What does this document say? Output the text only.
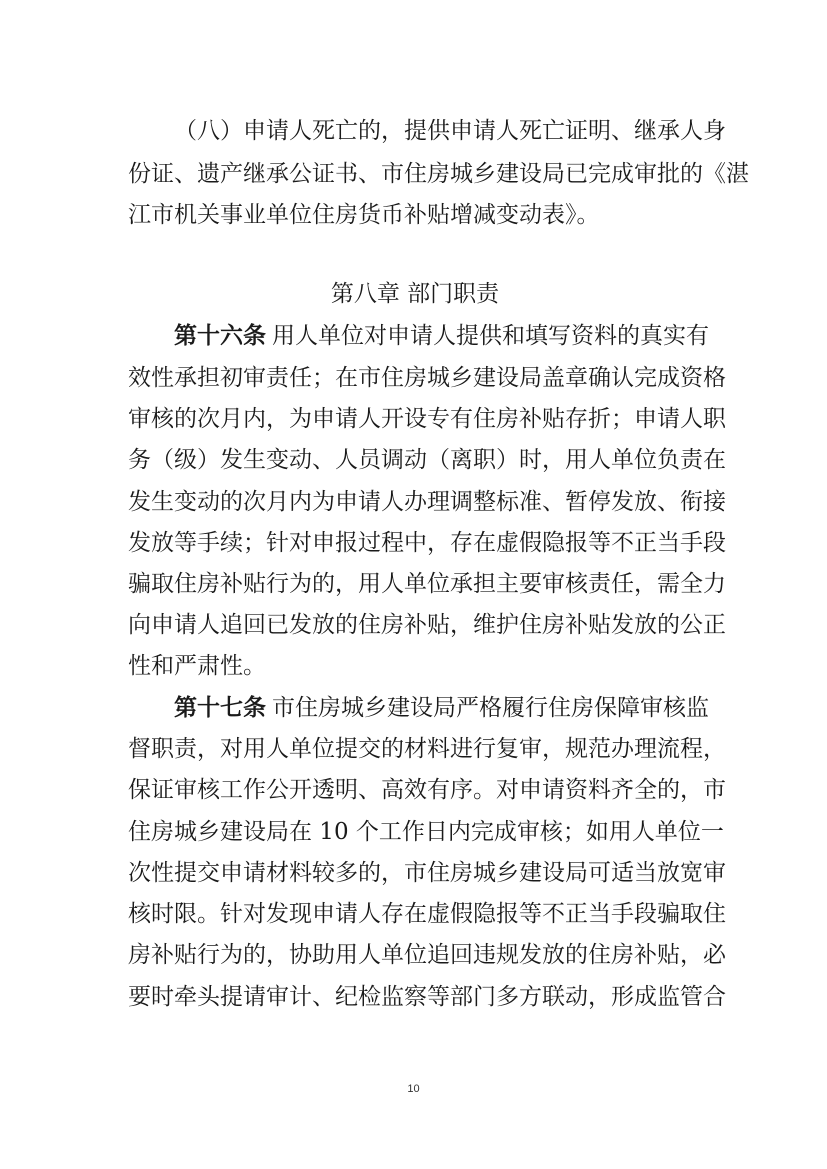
（八）申请人死亡的，提供申请人死亡证明、继承人身
份证、遗产继承公证书、市住房城乡建设局已完成审批的《湛
江市机关事业单位住房货币补贴增减变动表》。
第八章 部门职责
第十六条 用人单位对申请人提供和填写资料的真实有
效性承担初审责任；在市住房城乡建设局盖章确认完成资格
审核的次月内，为申请人开设专有住房补贴存折；申请人职
务（级）发生变动、人员调动（离职）时，用人单位负责在
发生变动的次月内为申请人办理调整标准、暂停发放、衔接
发放等手续；针对申报过程中，存在虚假隐报等不正当手段
骗取住房补贴行为的，用人单位承担主要审核责任，需全力
向申请人追回已发放的住房补贴，维护住房补贴发放的公正
性和严肃性。
第十七条 市住房城乡建设局严格履行住房保障审核监
督职责，对用人单位提交的材料进行复审，规范办理流程，
保证审核工作公开透明、高效有序。对申请资料齐全的，市
住房城乡建设局在 10 个工作日内完成审核；如用人单位一
次性提交申请材料较多的，市住房城乡建设局可适当放宽审
核时限。针对发现申请人存在虚假隐报等不正当手段骗取住
房补贴行为的，协助用人单位追回违规发放的住房补贴，必
要时牵头提请审计、纪检监察等部门多方联动，形成监管合
10
